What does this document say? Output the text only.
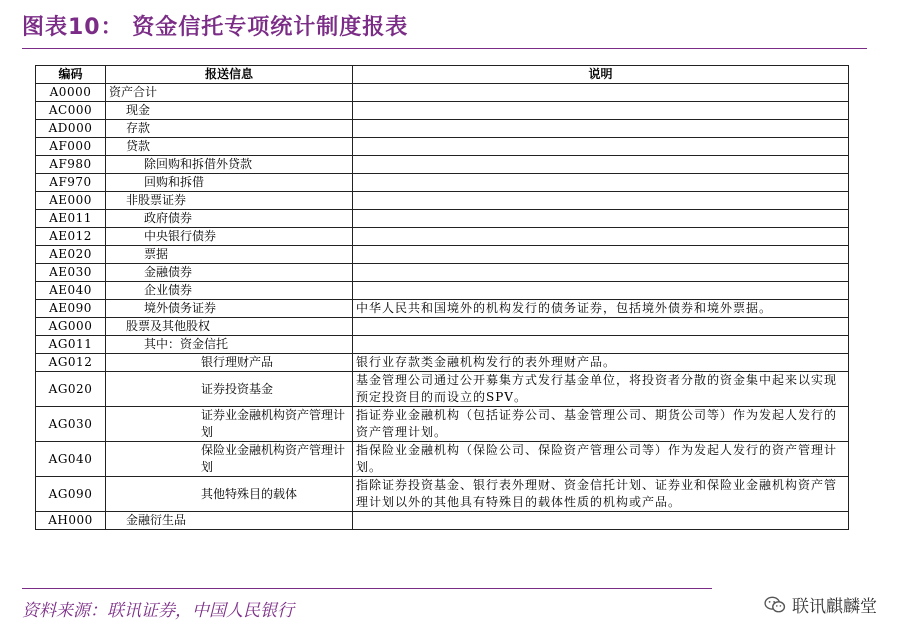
图表10： 资金信托专项统计制度报表
编码	报送信息	说明
A0000	资产合计	
AC000	现金	
AD000	存款	
AF000	贷款	
AF980	除回购和拆借外贷款	
AF970	回购和拆借	
AE000	非股票证券	
AE011	政府债券	
AE012	中央银行债券	
AE020	票据	
AE030	金融债券	
AE040	企业债券	
AE090	境外债务证券	中华人民共和国境外的机构发行的债务证券，包括境外债券和境外票据。
AG000	股票及其他股权	
AG011	其中：资金信托	
AG012	银行理财产品	银行业存款类金融机构发行的表外理财产品。
AG020	证券投资基金	基金管理公司通过公开募集方式发行基金单位，将投资者分散的资金集中起来以实现预定投资目的而设立的SPV。
AG030	证券业金融机构资产管理计划	指证券业金融机构（包括证券公司、基金管理公司、期货公司等）作为发起人发行的资产管理计划。
AG040	保险业金融机构资产管理计划	指保险业金融机构（保险公司、保险资产管理公司等）作为发起人发行的资产管理计划。
AG090	其他特殊目的载体	指除证券投资基金、银行表外理财、资金信托计划、证券业和保险业金融机构资产管理计划以外的其他具有特殊目的载体性质的机构或产品。
AH000	金融衍生品	
资料来源：联讯证券，中国人民银行	联讯麒麟堂
